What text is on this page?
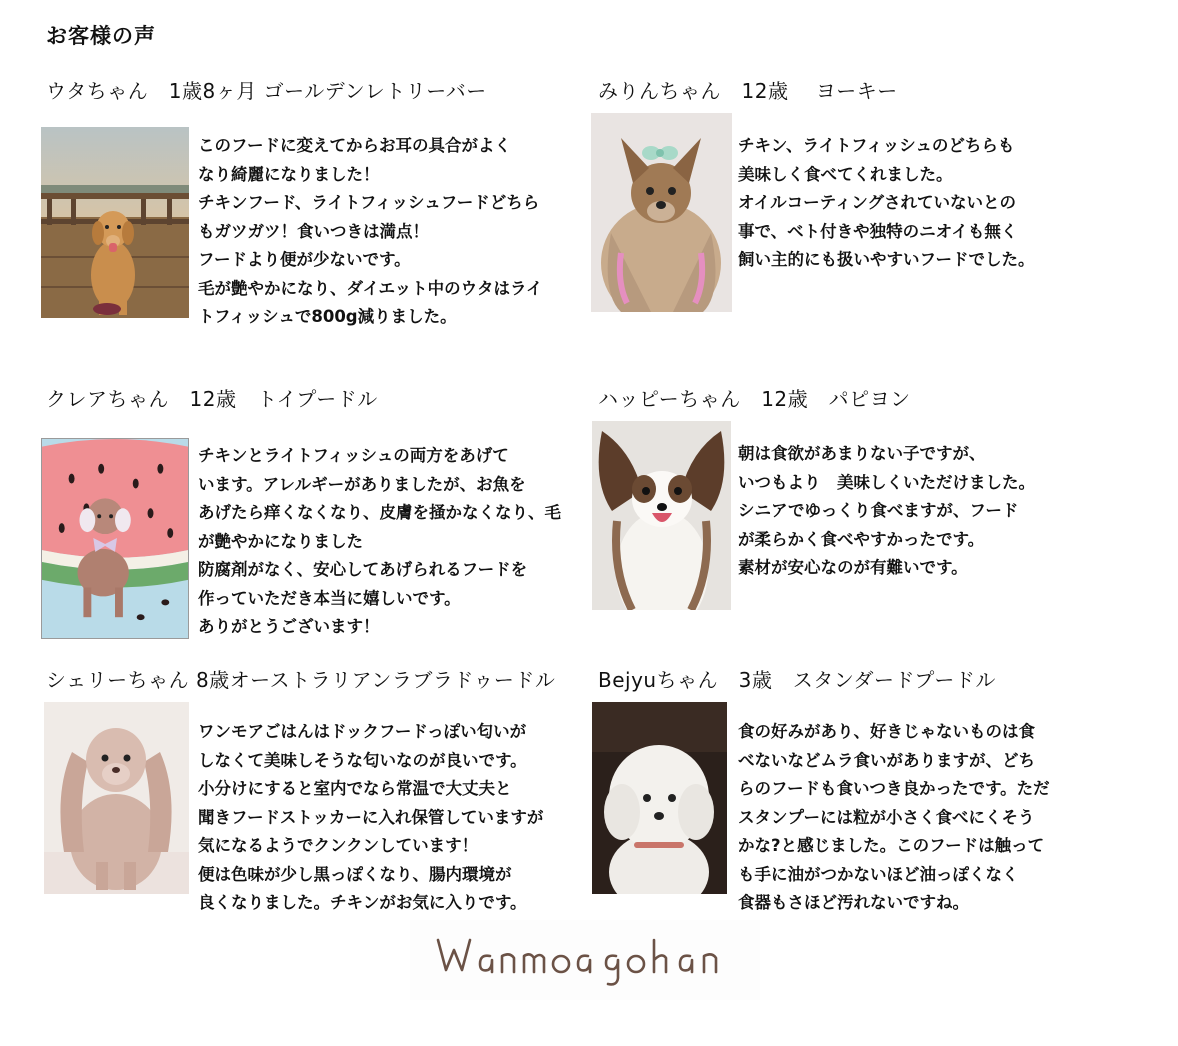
お客様の声
ウタちゃん　1歳8ヶ月 ゴールデンレトリーバー
このフードに変えてからお耳の具合がよく
なり綺麗になりました！
チキンフード、ライトフィッシュフードどちら
もガツガツ！食いつきは満点！
フードより便が少ないです。
毛が艶やかになり、ダイエット中のウタはライ
トフィッシュで800g減りました。
みりんちゃん　12歳　 ヨーキー
チキン、ライトフィッシュのどちらも
美味しく食べてくれました。
オイルコーティングされていないとの
事で、ベト付きや独特のニオイも無く
飼い主的にも扱いやすいフードでした。
クレアちゃん　12歳　トイプードル
チキンとライトフィッシュの両方をあげて
います。アレルギーがありましたが、お魚を
あげたら痒くなくなり、皮膚を掻かなくなり、毛
が艶やかになりました
防腐剤がなく、安心してあげられるフードを
作っていただき本当に嬉しいです。
ありがとうございます！
ハッピーちゃん　12歳　パピヨン
朝は食欲があまりない子ですが、
いつもより　美味しくいただけました。
シニアでゆっくり食べますが、フード
が柔らかく食べやすかったです。
素材が安心なのが有難いです。
シェリーちゃん 8歳オーストラリアンラブラドゥードル
ワンモアごはんはドックフードっぽい匂いが
しなくて美味しそうな匂いなのが良いです。
小分けにすると室内でなら常温で大丈夫と
聞きフードストッカーに入れ保管していますが
気になるようでクンクンしています！
便は色味が少し黒っぽくなり、腸内環境が
良くなりました。チキンがお気に入りです。
Bejyuちゃん　3歳　スタンダードプードル
食の好みがあり、好きじゃないものは食
べないなどムラ食いがありますが、どち
らのフードも食いつき良かったです。ただ
スタンプーには粒が小さく食べにくそう
かな?と感じました。このフードは触って
も手に油がつかないほど油っぽくなく
食器もさほど汚れないですね。
